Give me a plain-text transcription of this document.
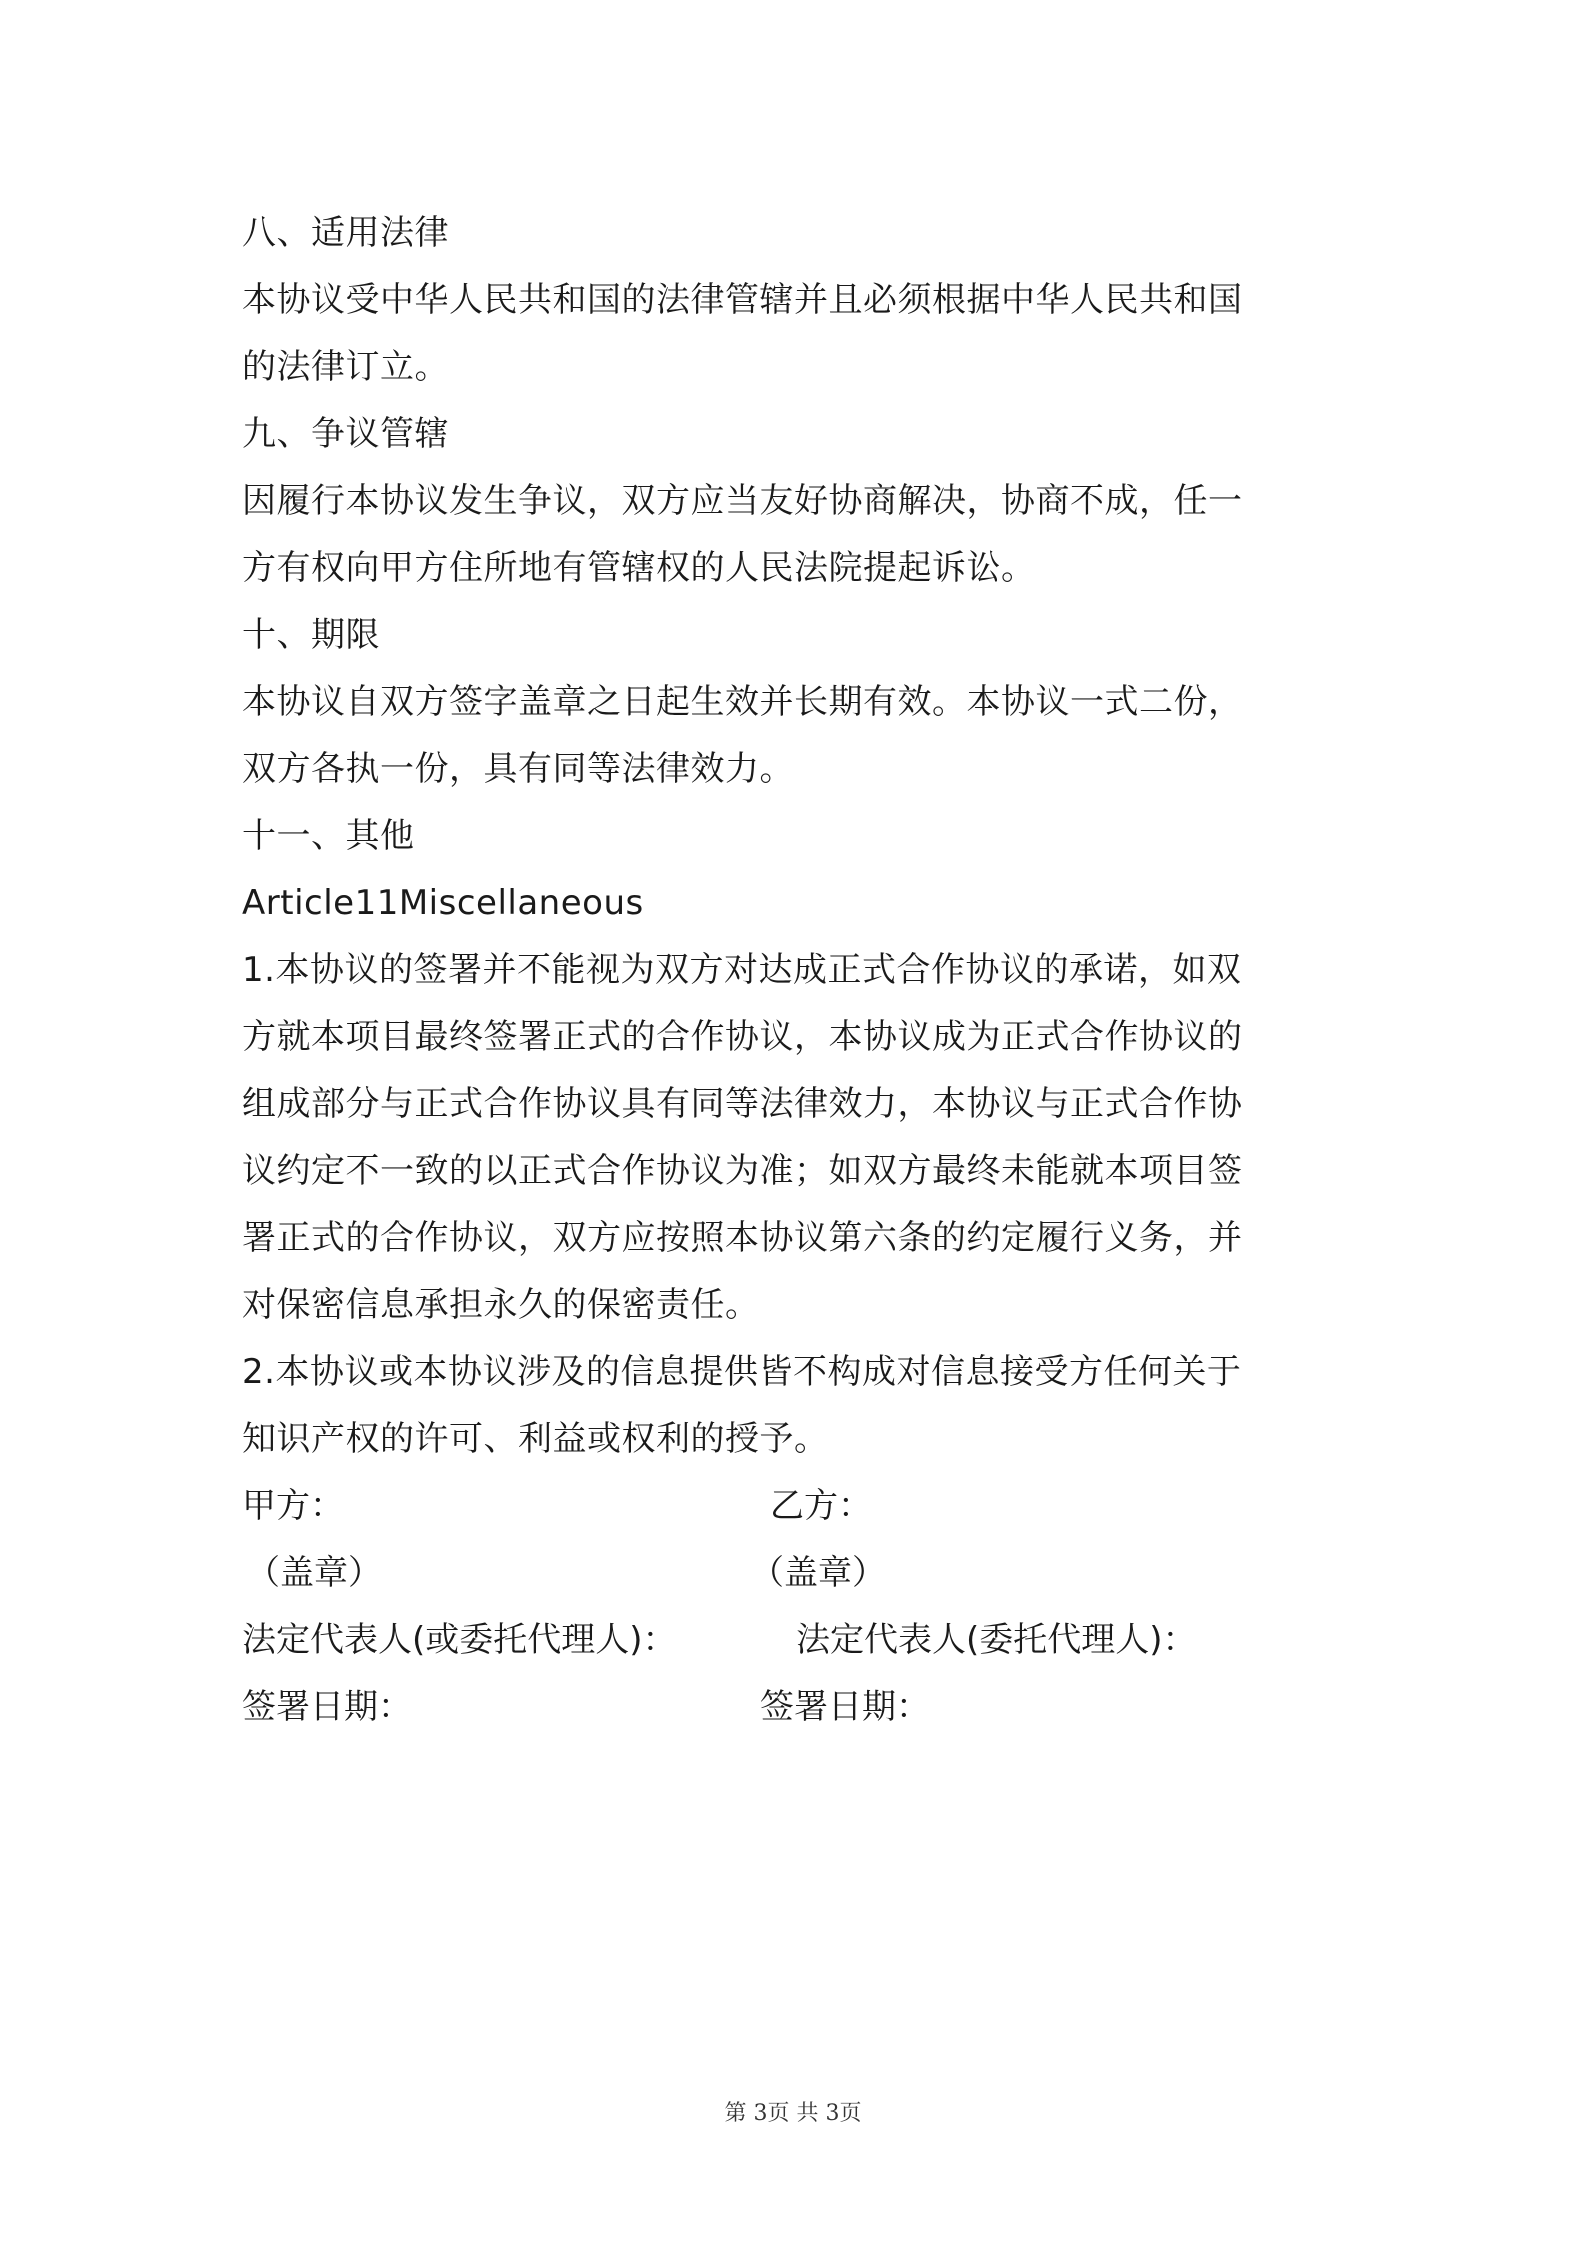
八、适用法律
本协议受中华人民共和国的法律管辖并且必须根据中华人民共和国
的法律订立。
九、争议管辖
因履行本协议发生争议，双方应当友好协商解决，协商不成，任一
方有权向甲方住所地有管辖权的人民法院提起诉讼。
十、期限
本协议自双方签字盖章之日起生效并长期有效。本协议一式二份，
双方各执一份，具有同等法律效力。
十一、其他
Article11Miscellaneous
1.本协议的签署并不能视为双方对达成正式合作协议的承诺，如双
方就本项目最终签署正式的合作协议，本协议成为正式合作协议的
组成部分与正式合作协议具有同等法律效力，本协议与正式合作协
议约定不一致的以正式合作协议为准；如双方最终未能就本项目签
署正式的合作协议，双方应按照本协议第六条的约定履行义务，并
对保密信息承担永久的保密责任。
2.本协议或本协议涉及的信息提供皆不构成对信息接受方任何关于
知识产权的许可、利益或权利的授予。
甲方：	乙方：
（盖章）	（盖章）
法定代表人(或委托代理人)：	法定代表人(委托代理人)：
签署日期：	签署日期：
第 3页 共 3页
